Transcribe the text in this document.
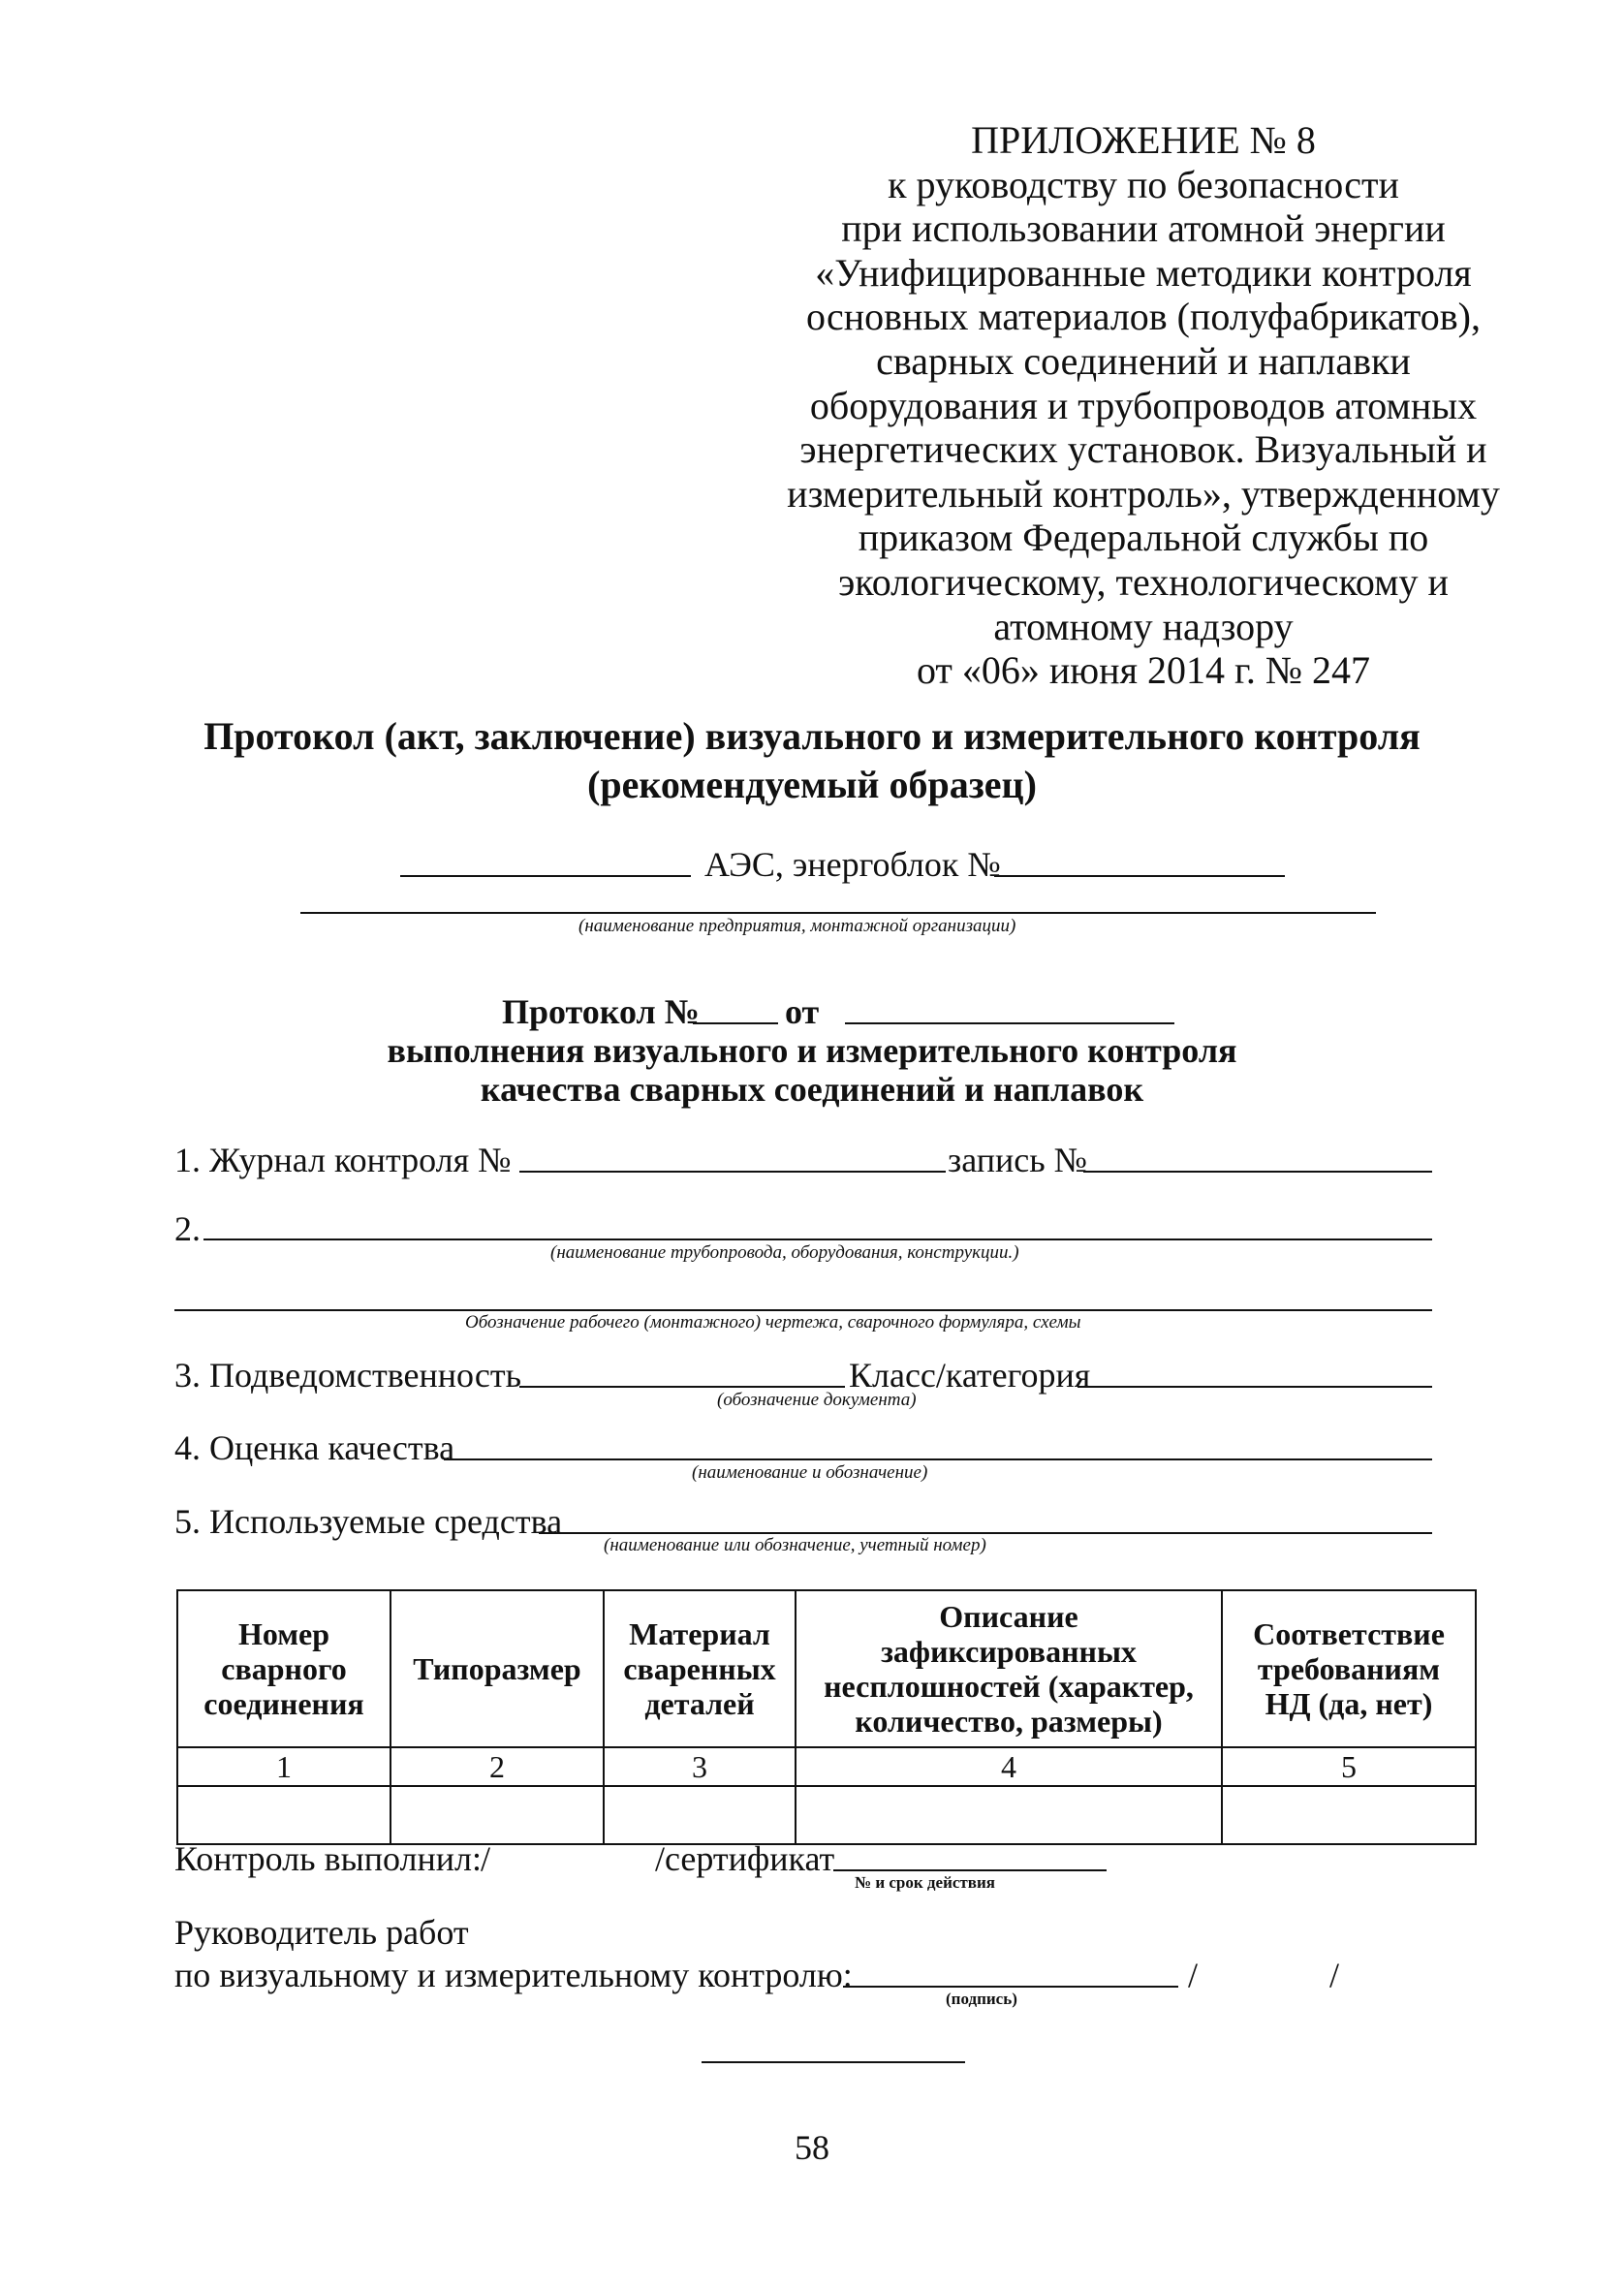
ПРИЛОЖЕНИЕ № 8
к руководству по безопасности
при использовании атомной энергии
«Унифицированные методики контроля
основных материалов (полуфабрикатов),
сварных соединений и наплавки
оборудования и трубопроводов атомных
энергетических установок. Визуальный и
измерительный контроль», утвержденному
приказом Федеральной службы по
экологическому, технологическому и
атомному надзору
от «06» июня 2014 г. № 247
Протокол (акт, заключение) визуального и измерительного контроля
(рекомендуемый образец)
АЭС, энергоблок №
(наименование предприятия, монтажной организации)
Протокол № от
выполнения визуального и измерительного контроля
качества сварных соединений и наплавок
1. Журнал контроля №	запись №
2.
(наименование трубопровода, оборудования, конструкции.)
Обозначение рабочего (монтажного) чертежа, сварочного формуляра, схемы
3. Подведомственность	Класс/категория
(обозначение документа)
4. Оценка качества
(наименование и обозначение)
5. Используемые средства
(наименование или обозначение, учетный номер)
Номер сварного соединения	Типоразмер	Материал сваренных деталей	Описание зафиксированных несплошностей (характер, количество, размеры)	Соответствие требованиям НД (да, нет)
1	2	3	4	5

Контроль выполнил:
/	/сертификат
№ и срок действия
Руководитель работ
по визуальному и измерительному контролю:	/	/
(подпись)
58
